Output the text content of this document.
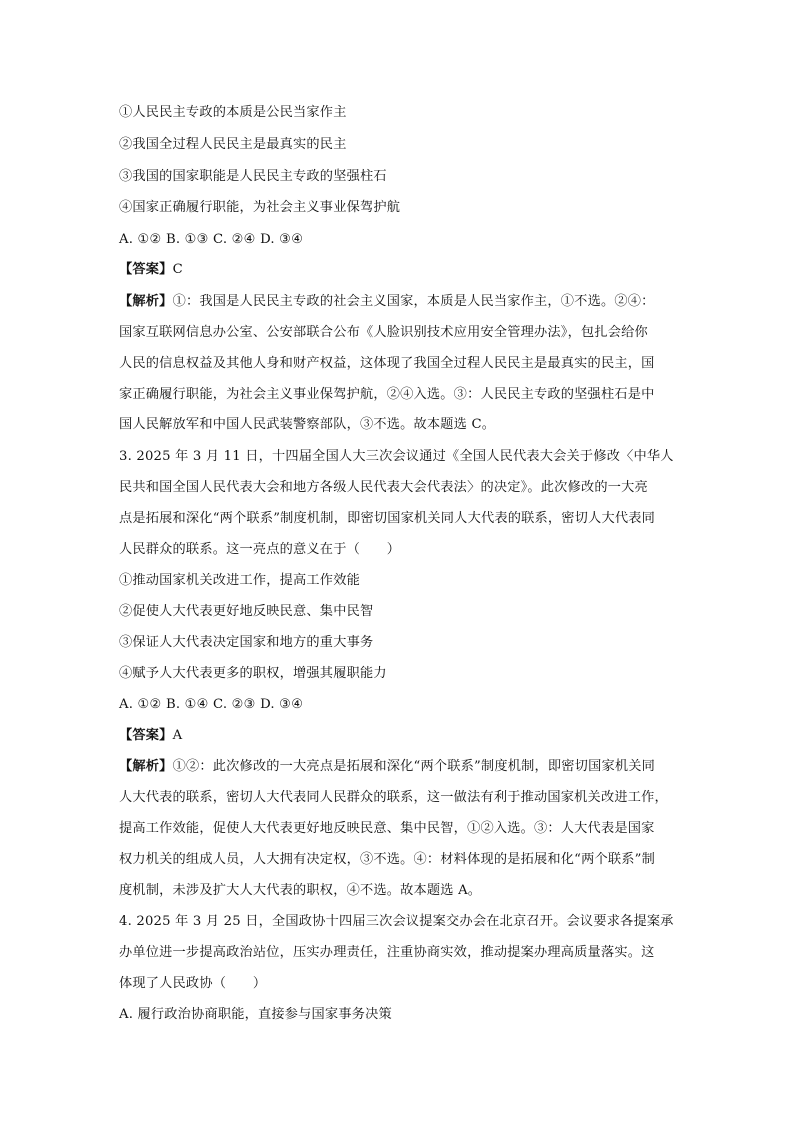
①人民民主专政的本质是公民当家作主
②我国全过程人民民主是最真实的民主
③我国的国家职能是人民民主专政的坚强柱石
④国家正确履行职能，为社会主义事业保驾护航
A. ①② B. ①③ C. ②④ D. ③④
【答案】C
【解析】①：我国是人民民主专政的社会主义国家，本质是人民当家作主，①不选。②④：
国家互联网信息办公室、公安部联合公布《人脸识别技术应用安全管理办法》，包扎会给你
人民的信息权益及其他人身和财产权益，这体现了我国全过程人民民主是最真实的民主，国
家正确履行职能，为社会主义事业保驾护航，②④入选。③：人民民主专政的坚强柱石是中
国人民解放军和中国人民武装警察部队，③不选。故本题选 C。
3. 2025 年 3 月 11 日，十四届全国人大三次会议通过《全国人民代表大会关于修改〈中华人
民共和国全国人民代表大会和地方各级人民代表大会代表法〉的决定》。此次修改的一大亮
点是拓展和深化“两个联系”制度机制，即密切国家机关同人大代表的联系，密切人大代表同
人民群众的联系。这一亮点的意义在于（　　）
①推动国家机关改进工作，提高工作效能
②促使人大代表更好地反映民意、集中民智
③保证人大代表决定国家和地方的重大事务
④赋予人大代表更多的职权，增强其履职能力
A. ①② B. ①④ C. ②③ D. ③④
【答案】A
【解析】①②：此次修改的一大亮点是拓展和深化“两个联系”制度机制，即密切国家机关同
人大代表的联系，密切人大代表同人民群众的联系，这一做法有利于推动国家机关改进工作，
提高工作效能，促使人大代表更好地反映民意、集中民智，①②入选。③：人大代表是国家
权力机关的组成人员，人大拥有决定权，③不选。④：材料体现的是拓展和化“两个联系”制
度机制，未涉及扩大人大代表的职权，④不选。故本题选 A。
4. 2025 年 3 月 25 日，全国政协十四届三次会议提案交办会在北京召开。会议要求各提案承
办单位进一步提高政治站位，压实办理责任，注重协商实效，推动提案办理高质量落实。这
体现了人民政协（　　）
A. 履行政治协商职能，直接参与国家事务决策
